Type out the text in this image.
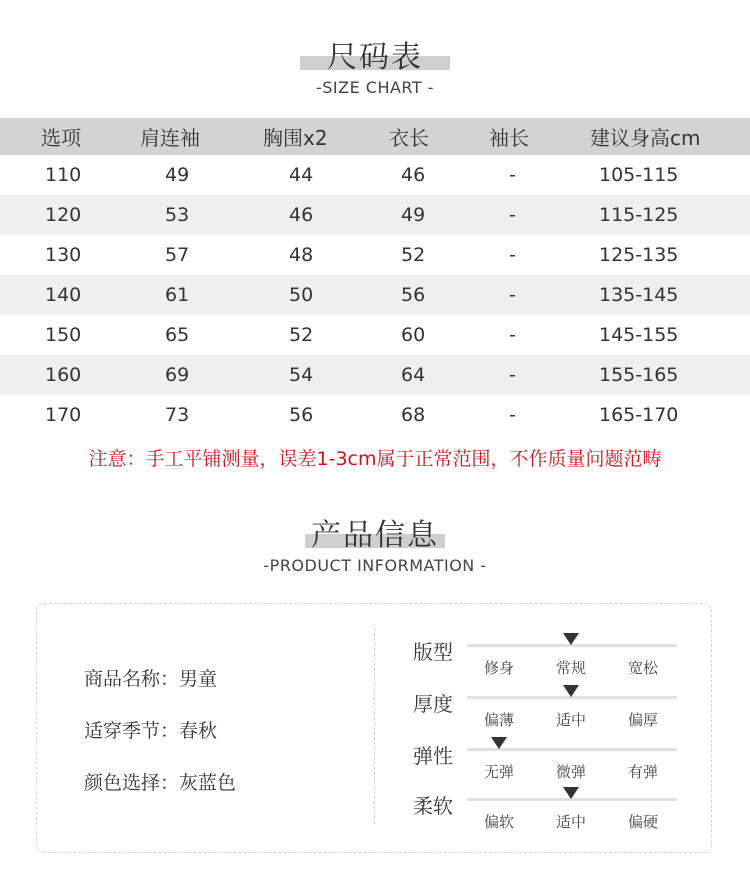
尺码表
-SIZE CHART -
选项	肩连袖	胸围x2	衣长	袖长	建议身高cm
110	49	44	46	-	105-115
120	53	46	49	-	115-125
130	57	48	52	-	125-135
140	61	50	56	-	135-145
150	65	52	60	-	145-155
160	69	54	64	-	155-165
170	73	56	68	-	165-170
注意：手工平铺测量，误差1-3cm属于正常范围，不作质量问题范畴
产品信息
-PRODUCT INFORMATION -
商品名称：男童
适穿季节：春秋
颜色选择：灰蓝色
版型
修身	常规	宽松
厚度
偏薄	适中	偏厚
弹性
无弹	微弹	有弹
柔软
偏软	适中	偏硬
